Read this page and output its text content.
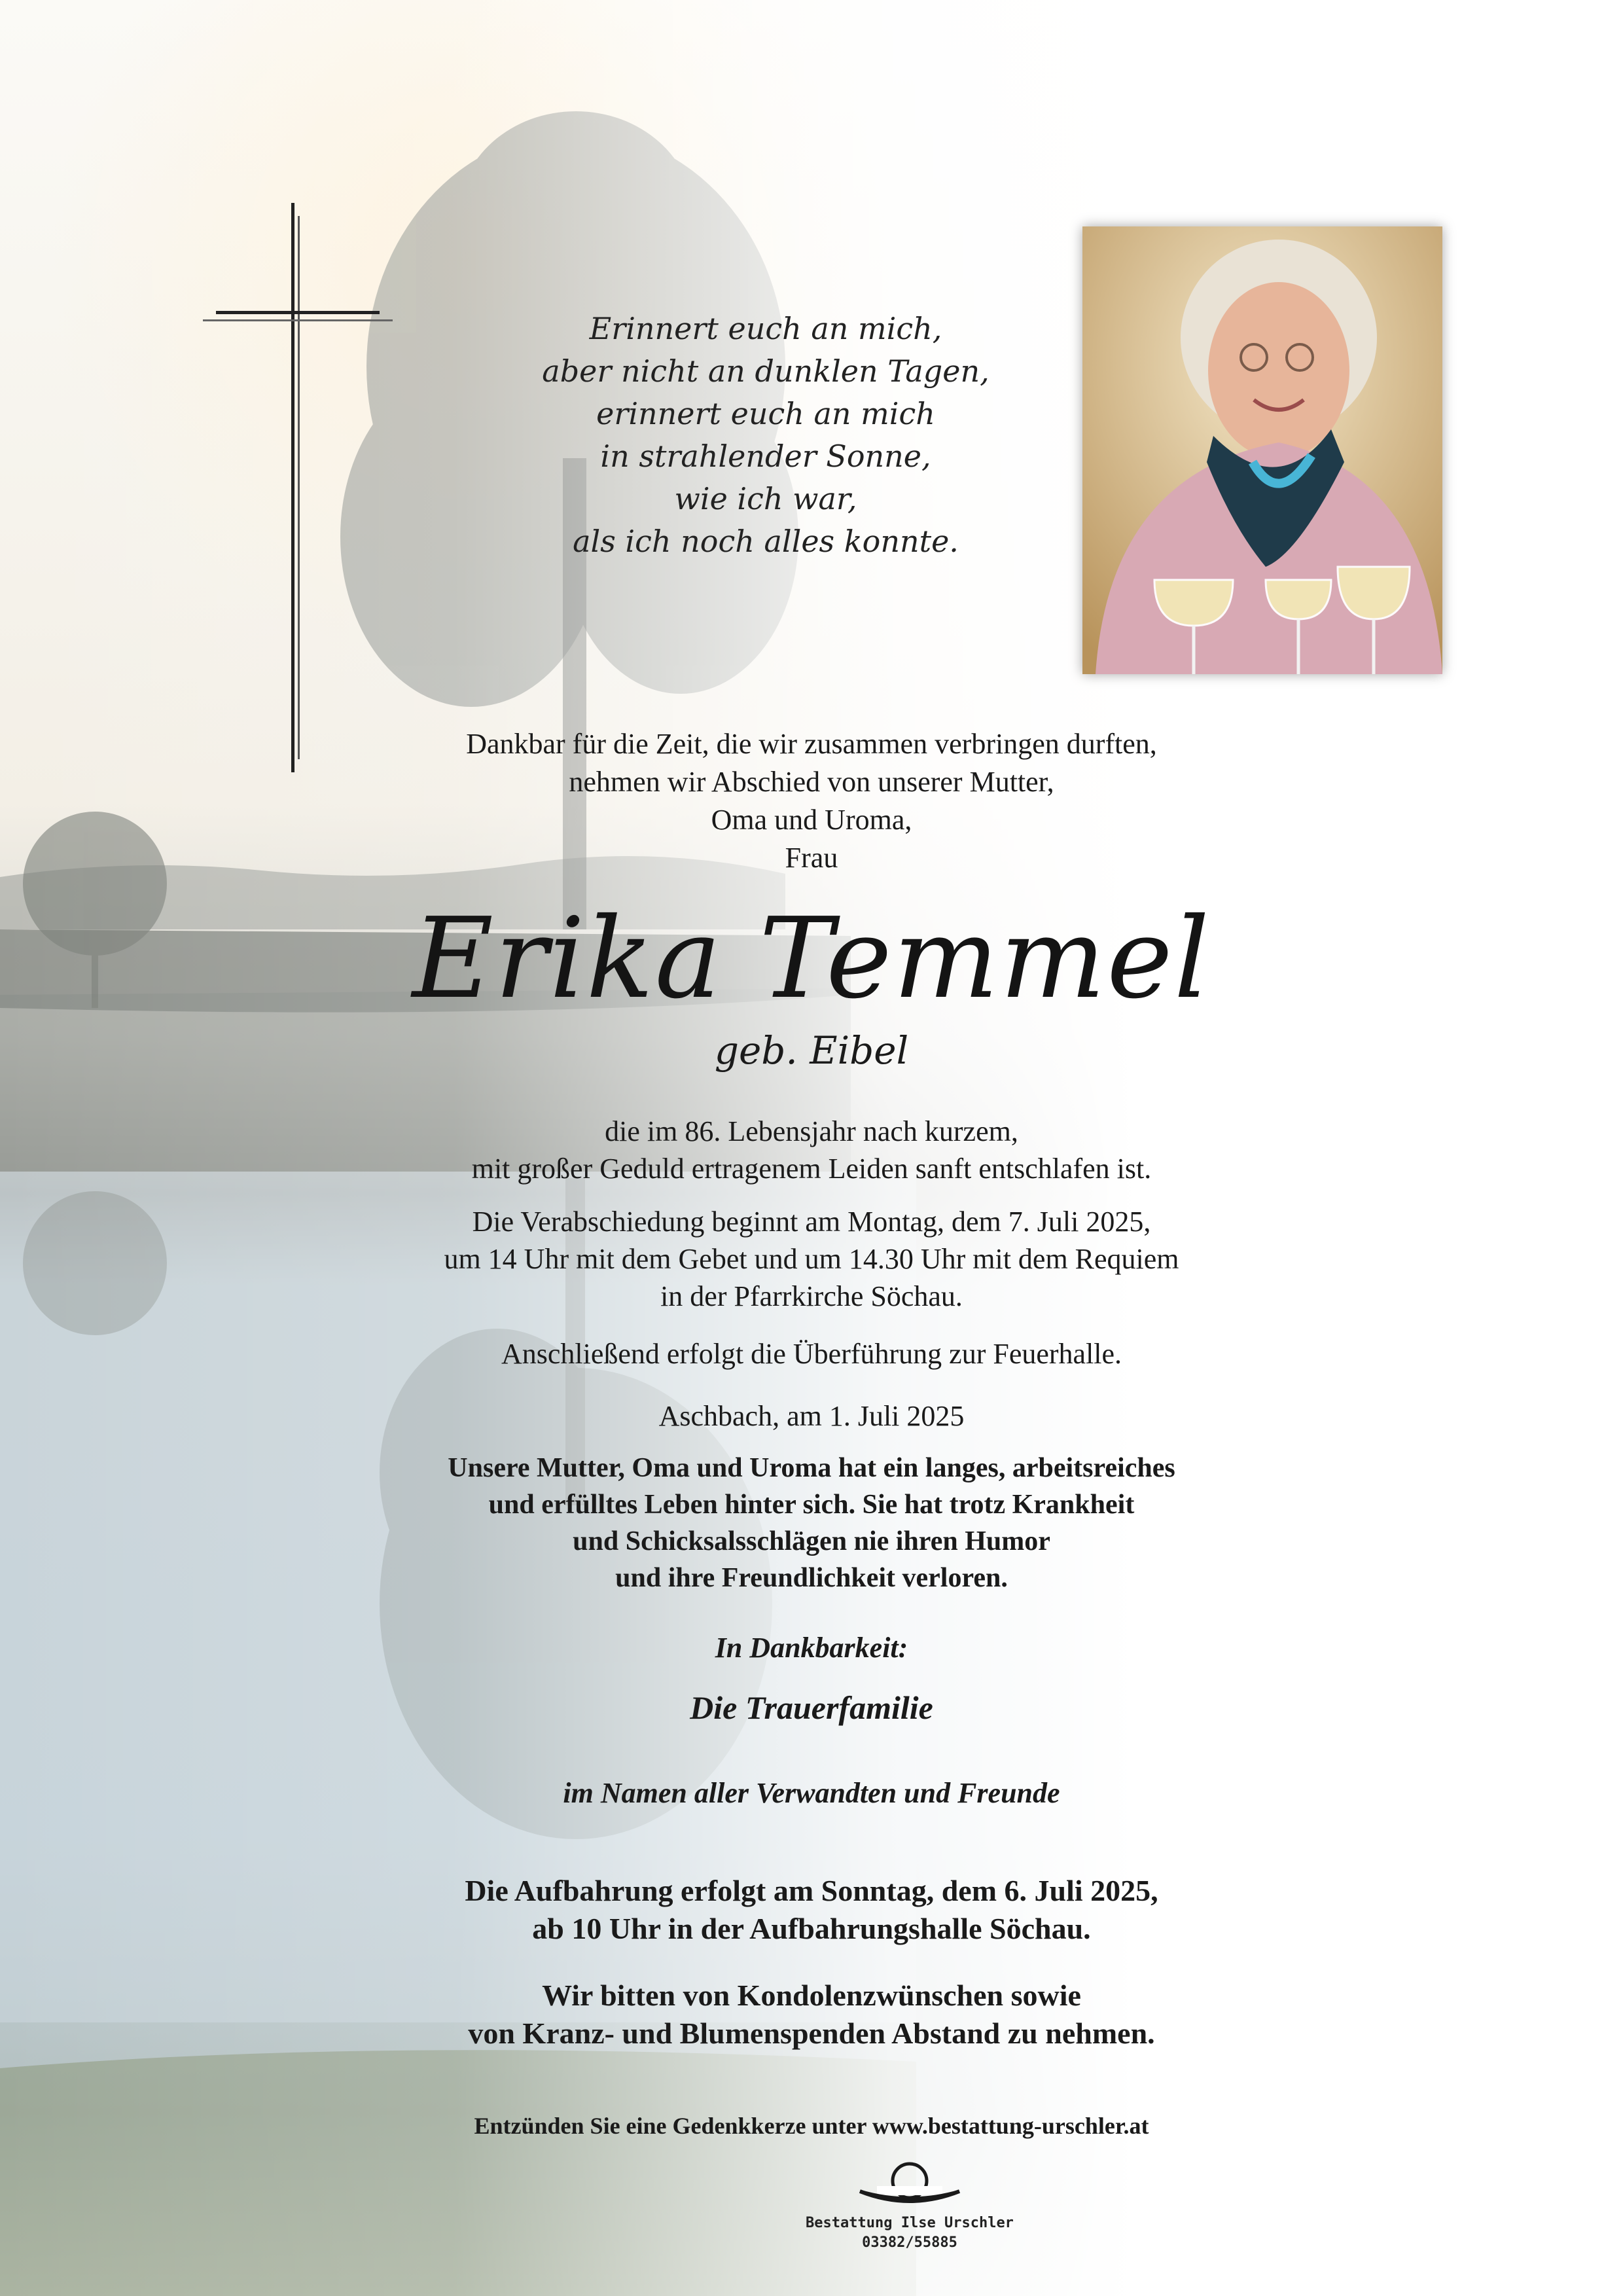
Erinnert euch an mich,
aber nicht an dunklen Tagen,
erinnert euch an mich
in strahlender Sonne,
wie ich war,
als ich noch alles konnte.
Dankbar für die Zeit, die wir zusammen verbringen durften,
nehmen wir Abschied von unserer Mutter,
Oma und Uroma,
Frau
Erika Temmel
geb. Eibel
die im 86. Lebensjahr nach kurzem,
mit großer Geduld ertragenem Leiden sanft entschlafen ist.
Die Verabschiedung beginnt am Montag, dem 7. Juli 2025,
um 14 Uhr mit dem Gebet und um 14.30 Uhr mit dem Requiem
in der Pfarrkirche Söchau.
Anschließend erfolgt die Überführung zur Feuerhalle.
Aschbach, am 1. Juli 2025
Unsere Mutter, Oma und Uroma hat ein langes, arbeitsreiches
und erfülltes Leben hinter sich. Sie hat trotz Krankheit
und Schicksalsschlägen nie ihren Humor
und ihre Freundlichkeit verloren.
In Dankbarkeit:
Die Trauerfamilie
im Namen aller Verwandten und Freunde
Die Aufbahrung erfolgt am Sonntag, dem 6. Juli 2025,
ab 10 Uhr in der Aufbahrungshalle Söchau.
Wir bitten von Kondolenzwünschen sowie
von Kranz- und Blumenspenden Abstand zu nehmen.
Entzünden Sie eine Gedenkkerze unter www.bestattung-urschler.at
Bestattung Ilse Urschler
03382/55885
